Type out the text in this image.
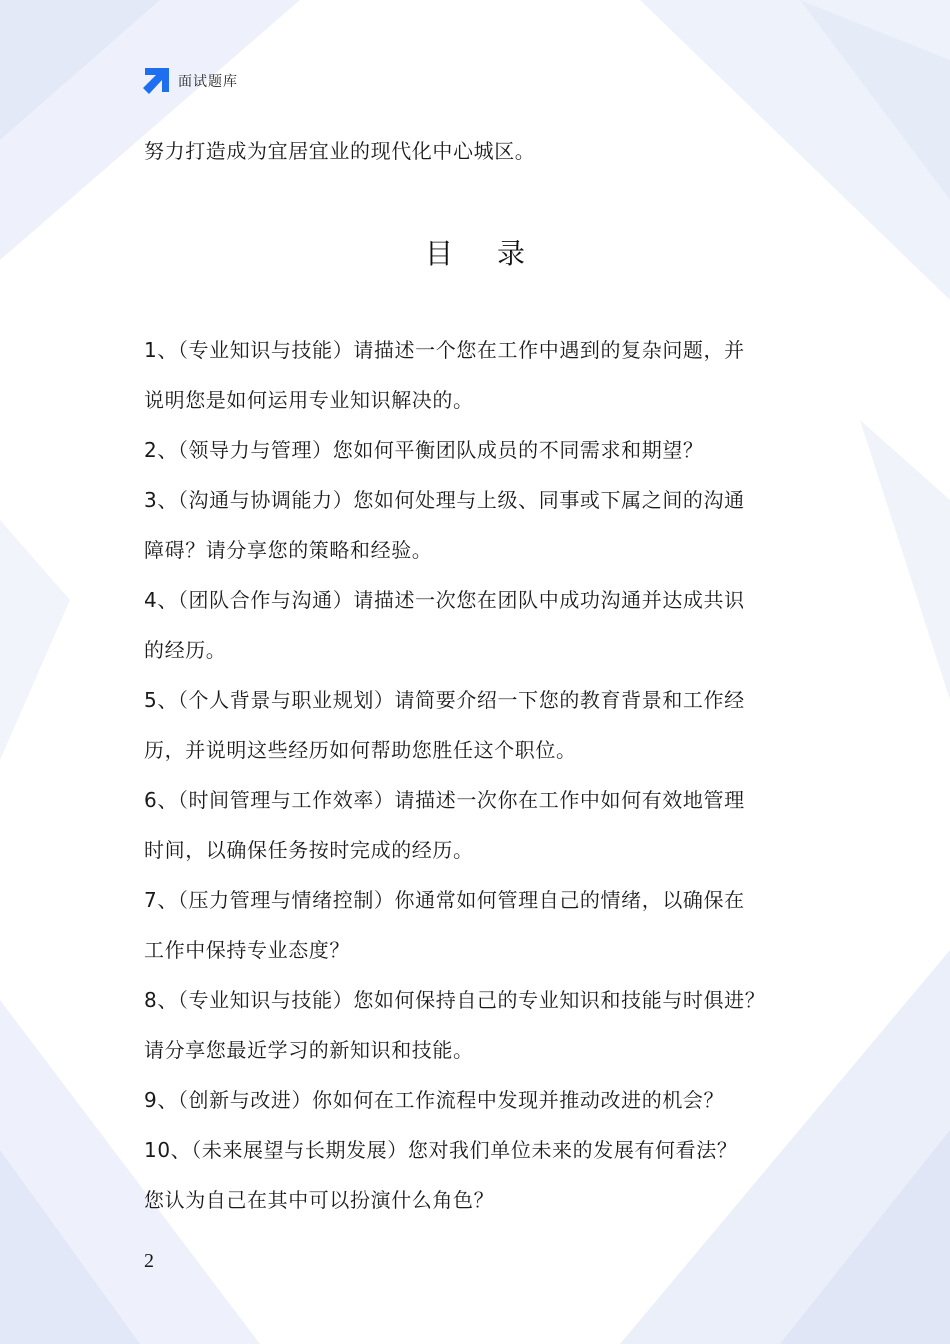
面试题库
努力打造成为宜居宜业的现代化中心城区。
目录
1、（专业知识与技能）请描述一个您在工作中遇到的复杂问题，并
说明您是如何运用专业知识解决的。
2、（领导力与管理）您如何平衡团队成员的不同需求和期望？
3、（沟通与协调能力）您如何处理与上级、同事或下属之间的沟通
障碍？请分享您的策略和经验。
4、（团队合作与沟通）请描述一次您在团队中成功沟通并达成共识
的经历。
5、（个人背景与职业规划）请简要介绍一下您的教育背景和工作经
历，并说明这些经历如何帮助您胜任这个职位。
6、（时间管理与工作效率）请描述一次你在工作中如何有效地管理
时间，以确保任务按时完成的经历。
7、（压力管理与情绪控制）你通常如何管理自己的情绪，以确保在
工作中保持专业态度？
8、（专业知识与技能）您如何保持自己的专业知识和技能与时俱进？
请分享您最近学习的新知识和技能。
9、（创新与改进）你如何在工作流程中发现并推动改进的机会？
10、（未来展望与长期发展）您对我们单位未来的发展有何看法？
您认为自己在其中可以扮演什么角色？
2
